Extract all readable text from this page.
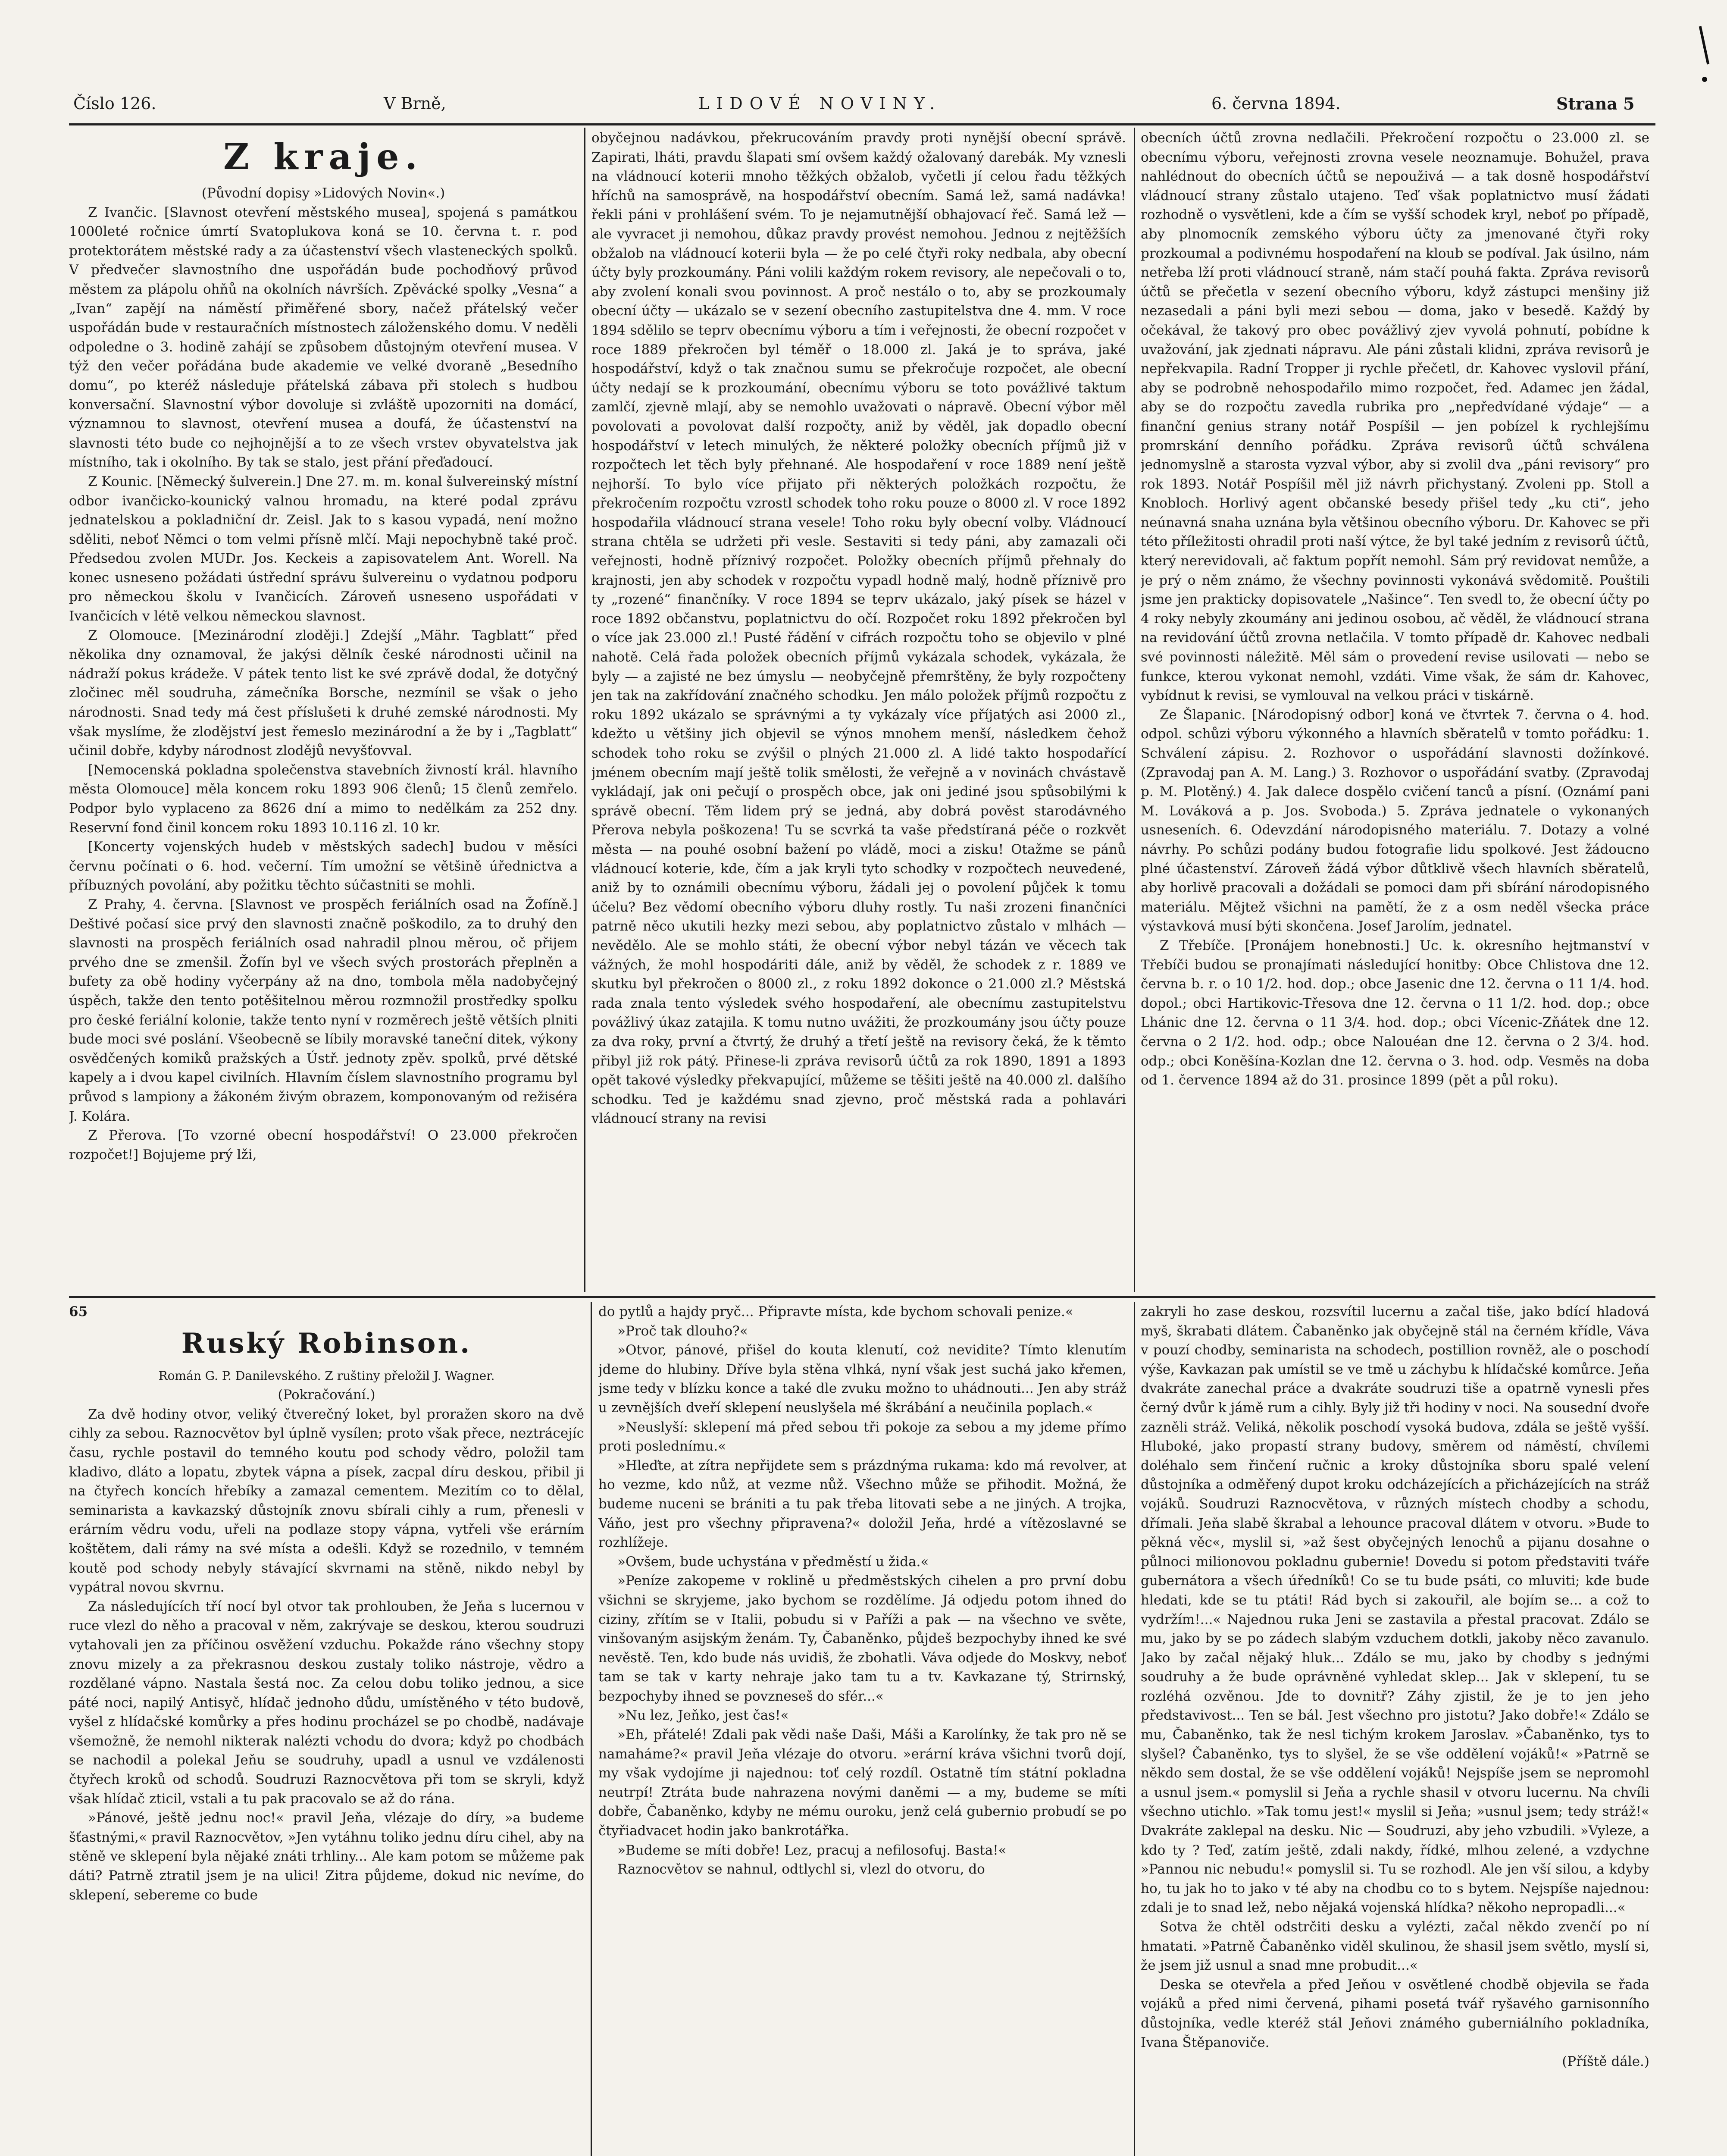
Číslo 126.	V Brně,	LIDOVÉ NOVINY.	6. června 1894.	Strana 5

Z kraje.

(Původní dopisy »Lidových Novin«.)

Z Ivančic. [Slavnost otevření městského musea], spojená s památkou 1000leté ročnice úmrtí Svatoplukova koná se 10. června t. r. pod protektorátem městské rady a za účastenství všech vlasteneckých spolků. V předvečer slavnostního dne uspořádán bude pochodňový průvod městem za plápolu ohňů na okolních návrších. Zpěvácké spolky „Vesna“ a „Ivan“ zapějí na náměstí přiměřené sbory, načež přátelský večer uspořádán bude v restauračních místnostech záloženského domu. V neděli odpoledne o 3. hodině zahájí se způsobem důstojným otevření musea. V týž den večer pořádána bude akademie ve velké dvoraně „Besedního domu“, po kteréž následuje přátelská zábava při stolech s hudbou konversační. Slavnostní výbor dovoluje si zvláště upozorniti na domácí, významnou to slavnost, otevření musea a doufá, že účastenství na slavnosti této bude co nejhojnější a to ze všech vrstev obyvatelstva jak místního, tak i okolního. By tak se stalo, jest přání přeďadoucí.

Z Kounic. [Německý šulverein.] Dne 27. m. m. konal šulvereinský místní odbor ivančicko-kounický valnou hromadu, na které podal zprávu jednatelskou a pokladniční dr. Zeisl. Jak to s kasou vypadá, není možno sděliti, neboť Němci o tom velmi přísně mlčí. Maji nepochybně také proč. Předsedou zvolen MUDr. Jos. Keckeis a zapisovatelem Ant. Worell. Na konec usneseno požádati ústřední správu šulvereinu o vydatnou podporu pro německou školu v Ivančicích. Zároveň usneseno uspořádati v Ivančicích v létě velkou německou slavnost.

Z Olomouce. [Mezinárodní zloději.] Zdejší „Mähr. Tagblatt“ před několika dny oznamoval, že jakýsi dělník české národnosti učinil na nádraží pokus krádeže. V pátek tento list ke své zprávě dodal, že dotyčný zločinec měl soudruha, zámečníka Borsche, nezmínil se však o jeho národnosti. Snad tedy má čest příslušeti k druhé zemské národnosti. My však myslíme, že zlodějství jest řemeslo mezinárodní a že by i „Tagblatt“ učinil dobře, kdyby národnost zlodějů nevyšťovval.

[Nemocenská pokladna společenstva stavebních živností král. hlavního města Olomouce] měla koncem roku 1893 906 členů; 15 členů zemřelo. Podpor bylo vyplaceno za 8626 dní a mimo to nedělkám za 252 dny. Reservní fond činil koncem roku 1893 10.116 zl. 10 kr.

[Koncerty vojenských hudeb v městských sadech] budou v měsíci červnu počínati o 6. hod. večerní. Tím umožní se většině úřednictva a příbuzných povolání, aby požitku těchto súčastniti se mohli.

Z Prahy, 4. června. [Slavnost ve prospěch feriálních osad na Žofíně.] Deštivé počasí sice prvý den slavnosti značně poškodilo, za to druhý den slavnosti na prospěch feriálních osad nahradil plnou měrou, oč přijem prvého dne se zmenšil. Žofín byl ve všech svých prostorách přeplněn a bufety za obě hodiny vyčerpány až na dno, tombola měla nadobyčejný úspěch, takže den tento potěšitelnou měrou rozmnožil prostředky spolku pro české feriální kolonie, takže tento nyní v rozměrech ještě větších plniti bude moci své poslání. Všeobecně se líbily moravské taneční ditek, výkony osvědčených komiků pražských a Ústř. jednoty zpěv. spolků, prvé dětské kapely a i dvou kapel civilních. Hlavním číslem slavnostního programu byl průvod s lampiony a žákoném živým obrazem, komponovaným od režiséra J. Kolára.

Z Přerova. [To vzorné obecní hospodářství! O 23.000 překročen rozpočet!] Bojujeme prý lži,

obyčejnou nadávkou, překrucováním pravdy proti nynější obecní správě. Zapirati, lháti, pravdu šlapati smí ovšem každý ožalovaný darebák. My vznesli na vládnoucí koterii mnoho těžkých obžalob, vyčetli jí celou řadu těžkých hříchů na samosprávě, na hospodářství obecním. Samá lež, samá nadávka! řekli páni v prohlášení svém. To je nejamutnější obhajovací řeč. Samá lež — ale vyvracet ji nemohou, důkaz pravdy provést nemohou. Jednou z nejtěžších obžalob na vládnoucí koterii byla — že po celé čtyři roky nedbala, aby obecní účty byly prozkoumány. Páni volili každým rokem revisory, ale nepečovali o to, aby zvolení konali svou povinnost. A proč nestálo o to, aby se prozkoumaly obecní účty — ukázalo se v sezení obecního zastupitelstva dne 4. mm. V roce 1894 sdělilo se teprv obecnímu výboru a tím i veřejnosti, že obecní rozpočet v roce 1889 překročen byl téměř o 18.000 zl. Jaká je to správa, jaké hospodářství, když o tak značnou sumu se překročuje rozpočet, ale obecní účty nedají se k prozkoumání, obecnímu výboru se toto povážlivé taktum zamlčí, zjevně mlají, aby se nemohlo uvažovati o nápravě. Obecní výbor měl povolovati a povolovat další rozpočty, aniž by věděl, jak dopadlo obecní hospodářství v letech minulých, že některé položky obecních příjmů již v rozpočtech let těch byly přehnané. Ale hospodaření v roce 1889 není ještě nejhorší. To bylo více přijato při některých položkách rozpočtu, že překročením rozpočtu vzrostl schodek toho roku pouze o 8000 zl. V roce 1892 hospodařila vládnoucí strana vesele! Toho roku byly obecní volby. Vládnoucí strana chtěla se udržeti při vesle. Sestaviti si tedy páni, aby zamazali oči veřejnosti, hodně příznivý rozpočet. Položky obecních příjmů přehnaly do krajnosti, jen aby schodek v rozpočtu vypadl hodně malý, hodně příznivě pro ty „rozené“ finančníky. V roce 1894 se teprv ukázalo, jaký písek se házel v roce 1892 občanstvu, poplatnictvu do očí. Rozpočet roku 1892 překročen byl o více jak 23.000 zl.! Pusté řádění v cifrách rozpočtu toho se objevilo v plné nahotě. Celá řada položek obecních příjmů vykázala schodek, vykázala, že byly — a zajisté ne bez úmyslu — neobyčejně přemrštěny, že byly rozpočteny jen tak na zakřídování značného schodku. Jen málo položek příjmů rozpočtu z roku 1892 ukázalo se správnými a ty vykázaly více příjatých asi 2000 zl., kdežto u většiny jich objevil se výnos mnohem menší, následkem čehož schodek toho roku se zvýšil o plných 21.000 zl. A lidé takto hospodařící jménem obecním mají ještě tolik smělosti, že veřejně a v novinách chvástavě vykládají, jak oni pečují o prospěch obce, jak oni jediné jsou spůsobilými k správě obecní. Těm lidem prý se jedná, aby dobrá pověst starodávného Přerova nebyla poškozena! Tu se scvrká ta vaše předstíraná péče o rozkvět města — na pouhé osobní bažení po vládě, moci a zisku! Otažme se pánů vládnoucí koterie, kde, čím a jak kryli tyto schodky v rozpočtech neuvedené, aniž by to oznámili obecnímu výboru, žádali jej o povolení půjček k tomu účelu? Bez vědomí obecního výboru dluhy rostly. Tu naši zrozeni finančníci patrně něco ukutili hezky mezi sebou, aby poplatnictvo zůstalo v mlhách — nevědělo. Ale se mohlo státi, že obecní výbor nebyl tázán ve věcech tak vážných, že mohl hospodáriti dále, aniž by věděl, že schodek z r. 1889 ve skutku byl překročen o 8000 zl., z roku 1892 dokonce o 21.000 zl.? Městská rada znala tento výsledek svého hospodaření, ale obecnímu zastupitelstvu povážlivý úkaz zatajila. K tomu nutno uvážiti, že prozkoumány jsou účty pouze za dva roky, první a čtvrtý, že druhý a třetí ještě na revisory čeká, že k těmto přibyl již rok pátý. Přinese-li zpráva revisorů účtů za rok 1890, 1891 a 1893 opět takové výsledky překvapující, můžeme se těšiti ještě na 40.000 zl. dalšího schodku. Ted je každému snad zjevno, proč městská rada a pohlavári vládnoucí strany na revisi

obecních účtů zrovna nedlačili. Překročení rozpočtu o 23.000 zl. se obecnímu výboru, veřejnosti zrovna vesele neoznamuje. Bohužel, prava nahlédnout do obecních účtů se nepouživá — a tak dosně hospodářství vládnoucí strany zůstalo utajeno. Teď však poplatnictvo musí žádati rozhodně o vysvětleni, kde a čím se vyšší schodek kryl, neboť po případě, aby plnomocník zemského výboru účty za jmenované čtyři roky prozkoumal a podivnému hospodaření na kloub se podíval. Jak úsilno, nám netřeba lží proti vládnoucí straně, nám stačí pouhá fakta. Zpráva revisorů účtů se přečetla v sezení obecního výboru, když zástupci menšiny již nezasedali a páni byli mezi sebou — doma, jako v besedě. Každý by očekával, že takový pro obec povážlivý zjev vyvolá pohnutí, pobídne k uvažování, jak zjednati nápravu. Ale páni zůstali klidni, zpráva revisorů je nepřekvapila. Radní Tropper ji rychle přečetl, dr. Kahovec vyslovil přání, aby se podrobně nehospodařilo mimo rozpočet, řed. Adamec jen žádal, aby se do rozpočtu zavedla rubrika pro „nepředvídané výdaje“ — a finanční genius strany notář Pospíšil — jen pobízel k rychlejšímu promrskání denního pořádku. Zpráva revisorů účtů schválena jednomyslně a starosta vyzval výbor, aby si zvolil dva „páni revisory“ pro rok 1893. Notář Pospíšil měl již návrh přichystaný. Zvoleni pp. Stoll a Knobloch. Horlivý agent občanské besedy přišel tedy „ku cti“, jeho neúnavná snaha uznána byla většinou obecního výboru. Dr. Kahovec se při této příležitosti ohradil proti naší výtce, že byl také jedním z revisorů účtů, který nerevidovali, ač faktum popřít nemohl. Sám prý revidovat nemůže, a je prý o něm známo, že všechny povinnosti vykonává svědomitě. Pouštili jsme jen prakticky dopisovatele „Našince“. Ten svedl to, že obecní účty po 4 roky nebyly zkoumány ani jedinou osobou, ač věděl, že vládnoucí strana na revidování účtů zrovna netlačila. V tomto případě dr. Kahovec nedbali své povinnosti náležitě. Měl sám o provedení revise usilovati — nebo se funkce, kterou vykonat nemohl, vzdáti. Vime však, že sám dr. Kahovec, vybídnut k revisi, se vymlouval na velkou práci v tiskárně.

Ze Šlapanic. [Národopisný odbor] koná ve čtvrtek 7. června o 4. hod. odpol. schůzi výboru výkonného a hlavních sběratelů v tomto pořádku: 1. Schválení zápisu. 2. Rozhovor o uspořádání slavnosti dožínkové. (Zpravodaj pan A. M. Lang.) 3. Rozhovor o uspořádání svatby. (Zpravodaj p. M. Plotěný.) 4. Jak dalece dospělo cvičení tanců a písní. (Oznámí pani M. Lováková a p. Jos. Svoboda.) 5. Zpráva jednatele o vykonaných usneseních. 6. Odevzdání národopisného materiálu. 7. Dotazy a volné návrhy. Po schůzi podány budou fotografie lidu spolkové. Jest žádoucno plné účastenství. Zároveň žádá výbor důtklivě všech hlavních sběratelů, aby horlivě pracovali a dožádali se pomoci dam při sbírání národopisného materiálu. Mějtež všichni na pamětí, že z a osm neděl všecka práce výstavková musí býti skončena. Josef Jarolím, jednatel.

Z Třebíče. [Pronájem honebnosti.] Uc. k. okresního hejtmanství v Třebíči budou se pronajímati následující honitby: Obce Chlistova dne 12. června b. r. o 10 1/2. hod. dop.; obce Jasenic dne 12. června o 11 1/4. hod. dopol.; obci Hartikovic-Třesova dne 12. června o 11 1/2. hod. dop.; obce Lhánic dne 12. června o 11 3/4. hod. dop.; obci Vícenic-Zňátek dne 12. června o 2 1/2. hod. odp.; obce Nalouéan dne 12. června o 2 3/4. hod. odp.; obci Koněšína-Kozlan dne 12. června o 3. hod. odp. Vesměs na doba od 1. července 1894 až do 31. prosince 1899 (pět a půl roku).

65

Ruský Robinson.

Román G. P. Danilevského. Z ruštiny přeložil J. Wagner.

(Pokračování.)

Za dvě hodiny otvor, veliký čtverečný loket, byl proražen skoro na dvě cihly za sebou. Raznocvětov byl úplně vysílen; proto však přece, neztrácejíc času, rychle postavil do temného koutu pod schody vědro, položil tam kladivo, dláto a lopatu, zbytek vápna a písek, zacpal díru deskou, přibil ji na čtyřech koncích hřebíky a zamazal cementem. Mezitím co to dělal, seminarista a kavkazský důstojník znovu sbírali cihly a rum, přenesli v erárním vědru vodu, uřeli na podlaze stopy vápna, vytřeli vše erárním koštětem, dali rámy na své místa a odešli. Když se rozednilo, v temném koutě pod schody nebyly stávající skvrnami na stěně, nikdo nebyl by vypátral novou skvrnu.

Za následujících tří nocí byl otvor tak prohlouben, že Jeňa s lucernou v ruce vlezl do něho a pracoval v něm, zakrývaje se deskou, kterou soudruzi vytahovali jen za příčinou osvěžení vzduchu. Pokažde ráno všechny stopy znovu mizely a za překrasnou deskou zustaly toliko nástroje, vědro a rozdělané vápno. Nastala šestá noc. Za celou dobu toliko jednou, a sice páté noci, napilý Antisyč, hlídač jednoho důdu, umístěného v této budově, vyšel z hlídačské komůrky a přes hodinu procházel se po chodbě, nadávaje všemožně, že nemohl nikterak nalézti vchodu do dvora; když po chodbách se nachodil a polekal Jeňu se soudruhy, upadl a usnul ve vzdálenosti čtyřech kroků od schodů. Soudruzi Raznocvětova při tom se skryli, když však hlídač zticil, vstali a tu pak pracovalo se až do rána.

»Pánové, ještě jednu noc!« pravil Jeňa, vlézaje do díry, »a budeme šťastnými,« pravil Raznocvětov, »Jen vytáhnu toliko jednu díru cihel, aby na stěně ve sklepení byla nějaké znáti trhliny... Ale kam potom se můžeme pak dáti? Patrně ztratil jsem je na ulici! Zitra půjdeme, dokud nic nevíme, do sklepení, sebereme co bude

do pytlů a hajdy pryč... Připravte místa, kde bychom schovali penize.«

»Proč tak dlouho?«

»Otvor, pánové, přišel do kouta klenutí, coż nevidite? Tímto klenutím jdeme do hlubiny. Dříve byla stěna vlhká, nyní však jest suchá jako křemen, jsme tedy v blízku konce a také dle zvuku možno to uhádnouti... Jen aby stráž u zevnějších dveří sklepení neuslyšela mé škrábání a neučinila poplach.«

»Neuslyší: sklepení má před sebou tři pokoje za sebou a my jdeme přímo proti poslednímu.«

»Hleďte, at zítra nepřijdete sem s prázdnýma rukama: kdo má revolver, at ho vezme, kdo nůž, at vezme nůž. Všechno může se přihodit. Možná, že budeme nuceni se brániti a tu pak třeba litovati sebe a ne jiných. A trojka, Váňo, jest pro všechny připravena?« doložil Jeňa, hrdé a vítězoslavné se rozhlížeje.

»Ovšem, bude uchystána v předměstí u žida.«

»Peníze zakopeme v roklině u předměstských cihelen a pro první dobu všichni se skryjeme, jako bychom se rozdělíme. Já odjedu potom ihned do ciziny, zřítím se v Italii, pobudu si v Paříži a pak — na všechno ve světe, vinšovaným asijským ženám. Ty, Čabaněnko, půjdeš bezpochyby ihned ke své nevěstě. Ten, kdo bude nás uvidiš, že zbohatli. Váva odjede do Moskvy, neboť tam se tak v karty nehraje jako tam tu a tv. Kavkazane tý, Strirnský, bezpochyby ihned se povzneseš do sfér...«

»Nu lez, Jeňko, jest čas!«

»Eh, přátelé! Zdali pak vědi naše Daši, Máši a Karolínky, že tak pro ně se namaháme?« pravil Jeňa vlézaje do otvoru. »erární kráva všichni tvorů dojí, my však vydojíme ji najednou: toť celý rozdíl. Ostatně tím státní pokladna neutrpí! Ztráta bude nahrazena novými daněmi — a my, budeme se míti dobře, Čabaněnko, kdyby ne mému ouroku, jenž celá gubernio probudí se po čtyřiadvacet hodin jako bankrotářka.

»Budeme se míti dobře! Lez, pracuj a nefilosofuj. Basta!«

Raznocvětov se nahnul, odtlychl si, vlezl do otvoru, do

zakryli ho zase deskou, rozsvítil lucernu a začal tiše, jako bdící hladová myš, škrabati dlátem. Čabaněnko jak obyčejně stál na černém křídle, Váva v pouzí chodby, seminarista na schodech, postillion rovněž, ale o poschodí výše, Kavkazan pak umístil se ve tmě u záchybu k hlídačské komůrce. Jeňa dvakráte zanechal práce a dvakráte soudruzi tiše a opatrně vynesli přes černý dvůr k jámě rum a cihly. Byly již tři hodiny v noci. Na sousední dvoře zazněli stráž. Veliká, několik poschodí vysoká budova, zdála se ještě vyšší. Hluboké, jako propastí strany budovy, směrem od náměstí, chvílemi doléhalo sem řinčení ručnic a kroky důstojníka sboru spalé velení důstojníka a odměřený dupot kroku odcházejících a přicházejících na stráž vojáků. Soudruzi Raznocvětova, v různých místech chodby a schodu, dřímali. Jeňa slabě škrabal a lehounce pracoval dlátem v otvoru. »Bude to pěkná věc«, myslil si, »až šest obyčejných lenochů a pijanu dosahne o půlnoci milionovou pokladnu gubernie! Dovedu si potom představiti tváře gubernátora a všech úředníků! Co se tu bude psáti, co mluviti; kde bude hledati, kde se tu ptáti! Rád bych si zakouřil, ale bojím se... a což to vydržím!...« Najednou ruka Jeni se zastavila a přestal pracovat. Zdálo se mu, jako by se po zádech slabým vzduchem dotkli, jakoby něco zavanulo. Jako by začal nějaký hluk... Zdálo se mu, jako by chodby s jednými soudruhy a že bude oprávněné vyhledat sklep... Jak v sklepení, tu se rozléhá ozvěnou. Jde to dovnitř? Záhy zjistil, že je to jen jeho představivost... Ten se bál. Jest všechno pro jistotu? Jako dobře!« Zdálo se mu, Čabaněnko, tak že nesl tichým krokem Jaroslav. »Čabaněnko, tys to slyšel? Čabaněnko, tys to slyšel, že se vše oddělení vojáků!« »Patrně se někdo sem dostal, že se vše oddělení vojáků! Nejspíše jsem se nepromohl a usnul jsem.« pomyslil si Jeňa a rychle shasil v otvoru lucernu. Na chvíli všechno utichlo. »Tak tomu jest!« myslil si Jeňa; »usnul jsem; tedy stráž!« Dvakráte zaklepal na desku. Nic — Soudruzi, aby jeho vzbudili. »Vyleze, a kdo ty ? Teď, zatím ještě, zdali nakdy, řídké, mlhou zelené, a vzdychne »Pannou nic nebudu!« pomyslil si. Tu se rozhodl. Ale jen vší silou, a kdyby ho, tu jak ho to jako v té aby na chodbu co to s bytem. Nejspíše najednou: zdali je to snad lež, nebo nějaká vojenská hlídka? někoho nepropadli...«

Sotva že chtěl odstrčiti desku a vylézti, začal někdo zvenčí po ní hmatati. »Patrně Čabaněnko viděl skulinou, že shasil jsem světlo, myslí si, že jsem již usnul a snad mne probudit...«

Deska se otevřela a před Jeňou v osvětlené chodbě objevila se řada vojáků a před nimi červená, pihami posetá tvář ryšavého garnisonního důstojníka, vedle kteréž stál Jeňovi známého guberniálního pokladníka, Ivana Štěpanoviče.

(Příště dále.)
